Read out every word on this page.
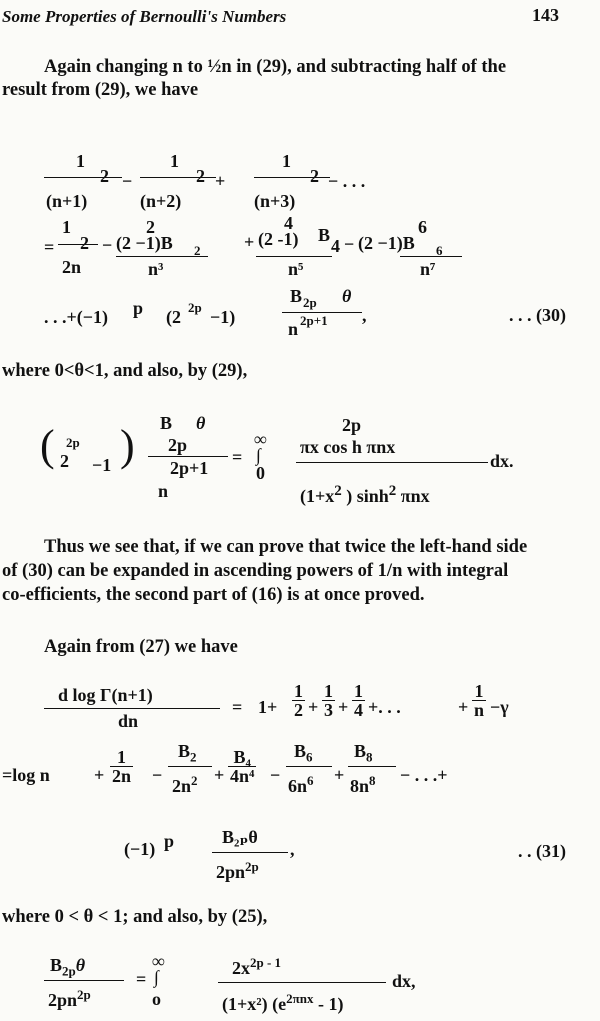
Some Properties of Bernoulli's Numbers	143
Again changing n to ½n in (29), and subtracting half of the
result from (29), we have
1	1	1
2	2	2
−	+	− . . .
(n+1)	(n+2)	(n+3)
1
= 2
2n
−
2
(2 −1)B 2
n³
+
4
(2 -1) B
4
n⁵
−
6
(2 −1)B 6
n⁷
. . .+(−1) p (2 2p −1)
B 2p θ
n 2p+1 ,	. . . (30)
where 0<θ<1, and also, by (29),
( 2
2p
−1 ) B θ
2p
2p+1
n
=
∞
∫
0
2p
πx cos h πnx
($1+x^2$ ) $\sinh^2 \pi nx$
dx.
Thus we see that, if we can prove that twice the left-hand side
of (30) can be expanded in ascending powers of 1/n with integral
co-efficients, the second part of (16) is at once proved.
Again from (27) we have
d log Γ(n+1)
dn
= $1+ \frac{1}{2} + \frac{1}{3} + \frac{1}{4}$ +. . .	+ $\frac{1}{n} -\gamma$
=log $n + \frac{1}{2n}$ −
$B_2$
$2n^2 + \frac{\text{B₄}}{\text{4n⁴}}$ −
$B_6$
$6n^6$ +
$B_8$
$8n^8$ − . . .+
(−1) p	B₂ₚθ
$2pn^{2p}$
,	. . (31)
where 0 < θ < 1; and also, by (25),
$B_{2p}\theta$
$2pn^{2p}$
=
∞
∫
o
$2x^{2p - 1}$
(1+x²) $(e^{2\pi nx} - 1)$
dx,
